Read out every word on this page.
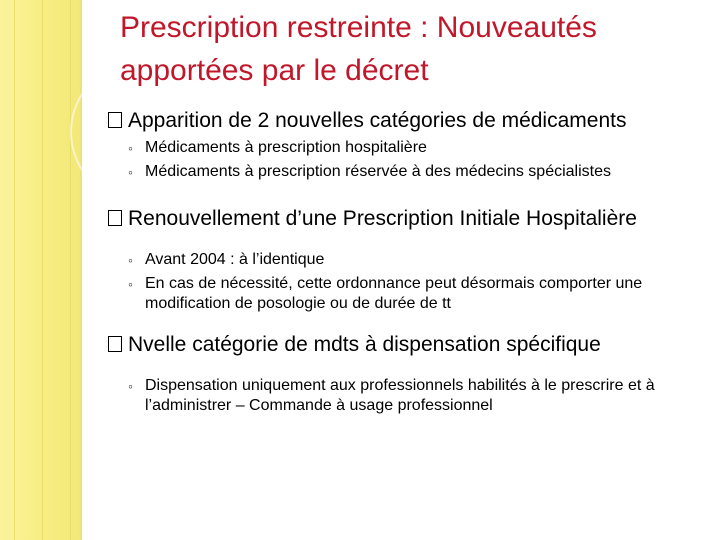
Prescription restreinte : Nouveautés
apportées par le décret
Apparition de 2 nouvelles catégories de médicaments
◦ Médicaments à prescription hospitalière
◦ Médicaments à prescription réservée à des médecins spécialistes
Renouvellement d’une Prescription Initiale Hospitalière
◦ Avant 2004 : à l’identique
◦ En cas de nécessité, cette ordonnance peut désormais comporter une modification de posologie ou de durée de tt
Nvelle catégorie de mdts à dispensation spécifique
◦ Dispensation uniquement aux professionnels habilités à le prescrire et à l’administrer – Commande à usage professionnel
